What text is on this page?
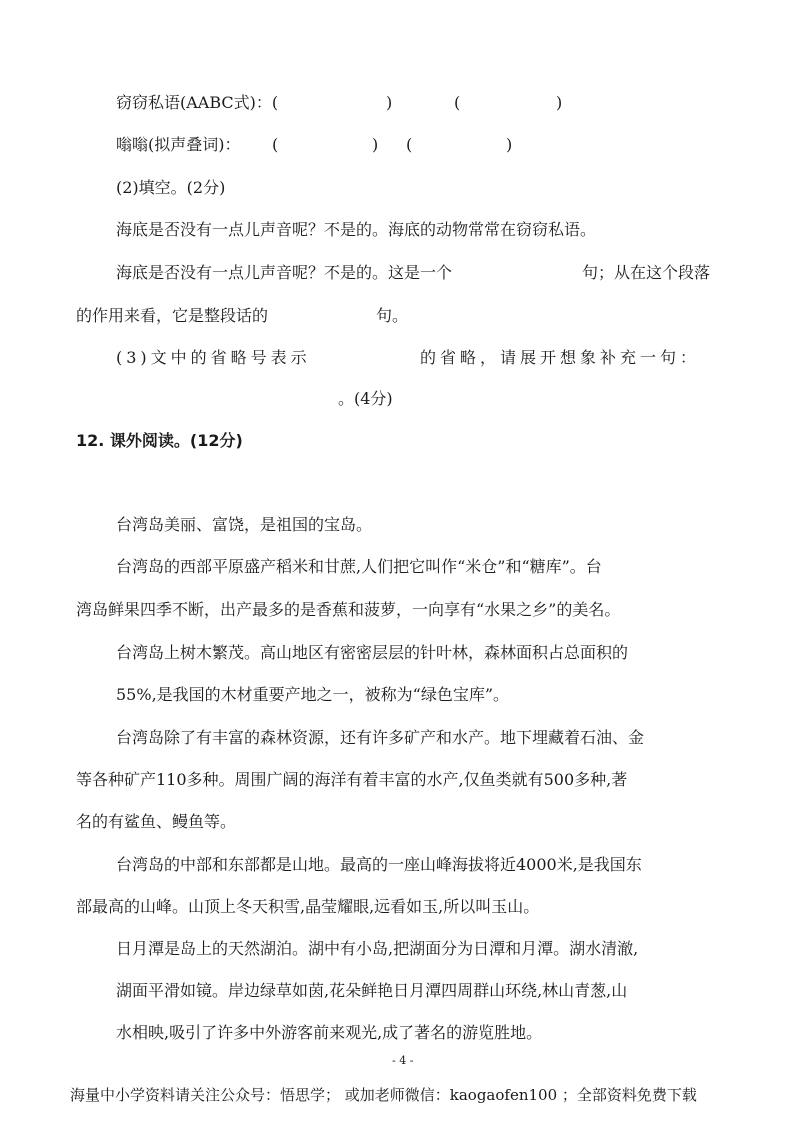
窃窃私语(AABC式)：(	)	(	)
嗡嗡(拟声叠词)： (	) (	)
(2)填空。(2分)
海底是否没有一点儿声音呢？不是的。海底的动物常常在窃窃私语。
海底是否没有一点儿声音呢？不是的。这是一个	句；从在这个段落
的作用来看，它是整段话的	句。
(3)文中的省略号表示	的省略，请展开想象补充一句：
。(4分)
12. 课外阅读。(12分)
台湾岛美丽、富饶，是祖国的宝岛。
台湾岛的西部平原盛产稻米和甘蔗,人们把它叫作“米仓”和“糖库”。台
湾岛鲜果四季不断，出产最多的是香蕉和菠萝，一向享有“水果之乡”的美名。
台湾岛上树木繁茂。高山地区有密密层层的针叶林，森林面积占总面积的
55%,是我国的木材重要产地之一，被称为“绿色宝库”。
台湾岛除了有丰富的森林资源，还有许多矿产和水产。地下埋藏着石油、金
等各种矿产110多种。周围广阔的海洋有着丰富的水产,仅鱼类就有500多种,著
名的有鲨鱼、鳗鱼等。
台湾岛的中部和东部都是山地。最高的一座山峰海拔将近4000米,是我国东
部最高的山峰。山顶上冬天积雪,晶莹耀眼,远看如玉,所以叫玉山。
日月潭是岛上的天然湖泊。湖中有小岛,把湖面分为日潭和月潭。湖水清澈,
湖面平滑如镜。岸边绿草如茵,花朵鲜艳日月潭四周群山环绕,林山青葱,山
水相映,吸引了许多中外游客前来观光,成了著名的游览胜地。
- 4 -
海量中小学资料请关注公众号：悟思学； 或加老师微信：kaogaofen100 ；全部资料免费下载
